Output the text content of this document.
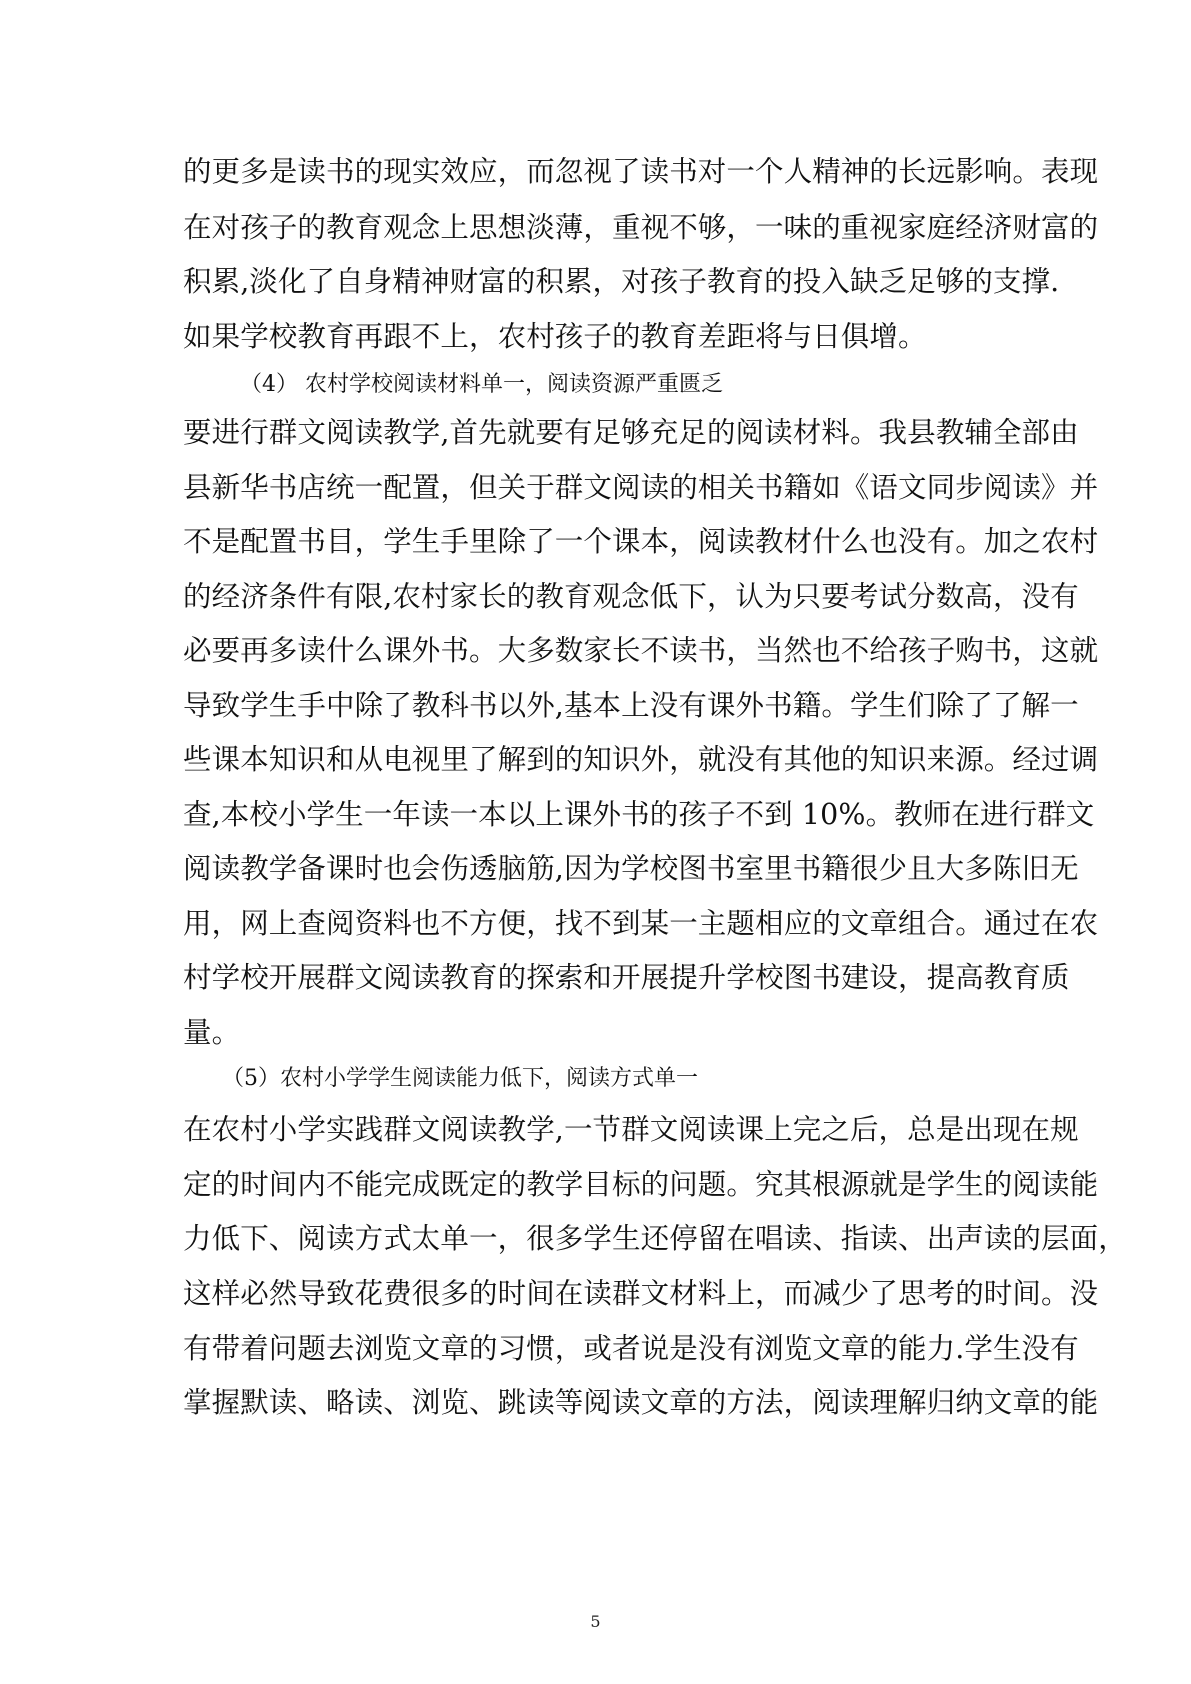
的更多是读书的现实效应，而忽视了读书对一个人精神的长远影响。表现
在对孩子的教育观念上思想淡薄，重视不够，一味的重视家庭经济财富的
积累,淡化了自身精神财富的积累，对孩子教育的投入缺乏足够的支撑.
如果学校教育再跟不上，农村孩子的教育差距将与日俱增。
（4） 农村学校阅读材料单一，阅读资源严重匮乏
要进行群文阅读教学,首先就要有足够充足的阅读材料。我县教辅全部由
县新华书店统一配置，但关于群文阅读的相关书籍如《语文同步阅读》并
不是配置书目，学生手里除了一个课本，阅读教材什么也没有。加之农村
的经济条件有限,农村家长的教育观念低下，认为只要考试分数高，没有
必要再多读什么课外书。大多数家长不读书，当然也不给孩子购书，这就
导致学生手中除了教科书以外,基本上没有课外书籍。学生们除了了解一
些课本知识和从电视里了解到的知识外，就没有其他的知识来源。经过调
查,本校小学生一年读一本以上课外书的孩子不到 10%。教师在进行群文
阅读教学备课时也会伤透脑筋,因为学校图书室里书籍很少且大多陈旧无
用，网上查阅资料也不方便，找不到某一主题相应的文章组合。通过在农
村学校开展群文阅读教育的探索和开展提升学校图书建设，提高教育质
量。
（5）农村小学学生阅读能力低下，阅读方式单一
在农村小学实践群文阅读教学,一节群文阅读课上完之后，总是出现在规
定的时间内不能完成既定的教学目标的问题。究其根源就是学生的阅读能
力低下、阅读方式太单一，很多学生还停留在唱读、指读、出声读的层面，
这样必然导致花费很多的时间在读群文材料上，而减少了思考的时间。没
有带着问题去浏览文章的习惯，或者说是没有浏览文章的能力.学生没有
掌握默读、略读、浏览、跳读等阅读文章的方法，阅读理解归纳文章的能
5
